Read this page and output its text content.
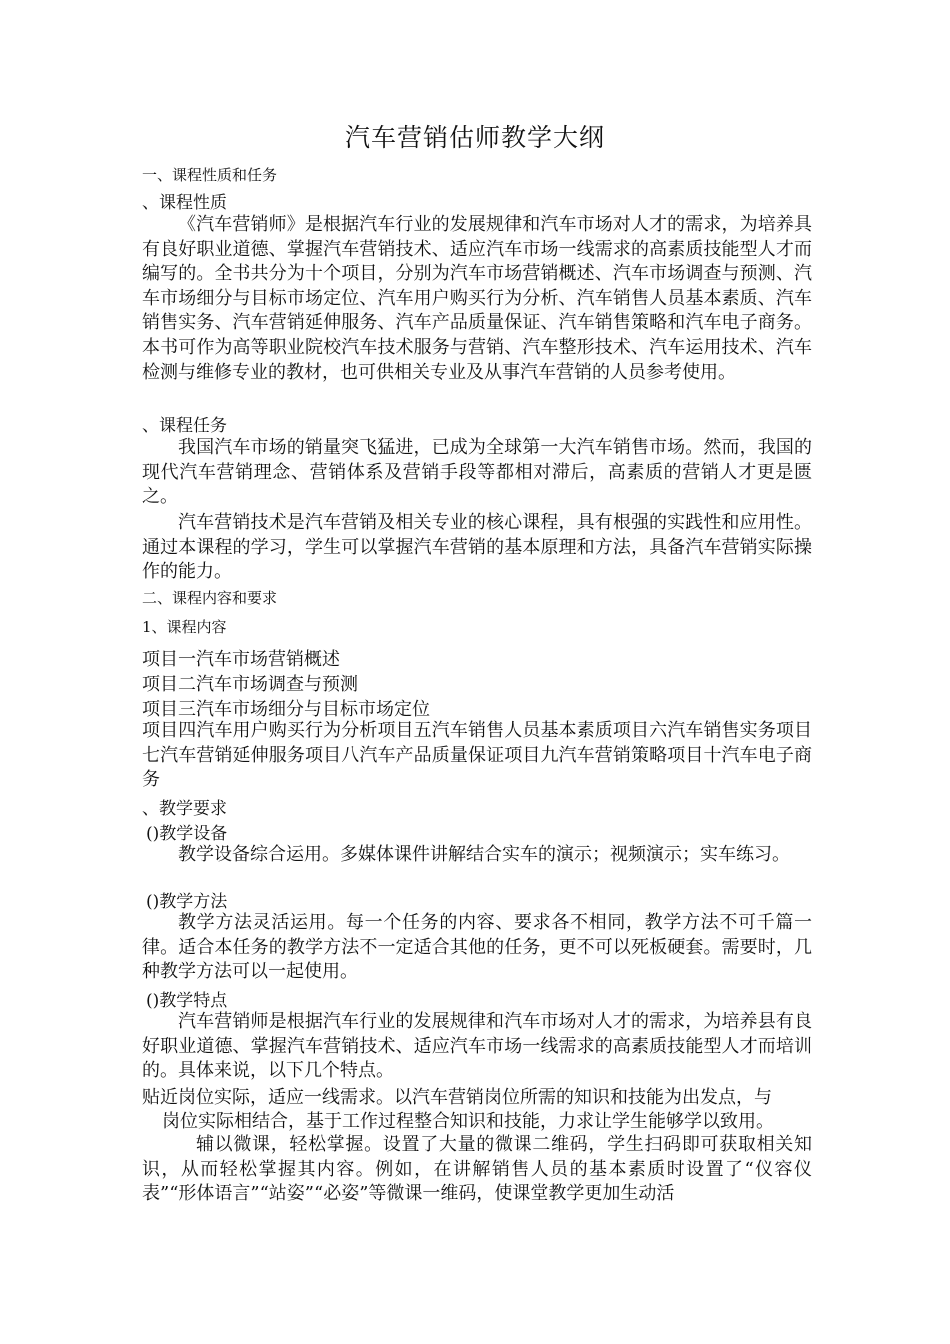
汽车营销估师教学大纲
一、课程性质和任务
、课程性质
《汽车营销师》是根据汽车行业的发展规律和汽车市场对人才的需求，为培养具有良好职业道德、掌握汽车营销技术、适应汽车市场一线需求的高素质技能型人才而编写的。全书共分为十个项目，分别为汽车市场营销概述、汽车市场调查与预测、汽车市场细分与目标市场定位、汽车用户购买行为分析、汽车销售人员基本素质、汽车销售实务、汽车营销延伸服务、汽车产品质量保证、汽车销售策略和汽车电子商务。本书可作为高等职业院校汽车技术服务与营销、汽车整形技术、汽车运用技术、汽车检测与维修专业的教材，也可供相关专业及从事汽车营销的人员参考使用。
、课程任务
我国汽车市场的销量突飞猛进，已成为全球第一大汽车销售市场。然而，我国的现代汽车营销理念、营销体系及营销手段等都相对滞后，高素质的营销人才更是匮之。
汽车营销技术是汽车营销及相关专业的核心课程，具有根强的实践性和应用性。通过本课程的学习，学生可以掌握汽车营销的基本原理和方法，具备汽车营销实际操作的能力。
二、课程内容和要求
1、课程内容
项目一汽车市场营销概述
项目二汽车市场调查与预测
项目三汽车市场细分与目标市场定位
项目四汽车用户购买行为分析项目五汽车销售人员基本素质项目六汽车销售实务项目七汽车营销延伸服务项目八汽车产品质量保证项目九汽车营销策略项目十汽车电子商务
、教学要求
()教学设备
教学设备综合运用。多媒体课件讲解结合实车的演示；视频演示；实车练习。
()教学方法
教学方法灵活运用。每一个任务的内容、要求各不相同，教学方法不可千篇一律。适合本任务的教学方法不一定适合其他的任务，更不可以死板硬套。需要时，几种教学方法可以一起使用。
()教学特点
汽车营销师是根据汽车行业的发展规律和汽车市场对人才的需求，为培养县有良好职业道德、掌握汽车营销技术、适应汽车市场一线需求的高素质技能型人才而培训的。具体来说，以下几个特点。
贴近岗位实际，适应一线需求。以汽车营销岗位所需的知识和技能为出发点，与
岗位实际相结合，基于工作过程整合知识和技能，力求让学生能够学以致用。
辅以微课，轻松掌握。设置了大量的微课二维码，学生扫码即可获取相关知识，从而轻松掌握其内容。例如，在讲解销售人员的基本素质时设置了“仪容仪表”“形体语言”“站姿”“必姿”等微课一维码，使课堂教学更加生动活
